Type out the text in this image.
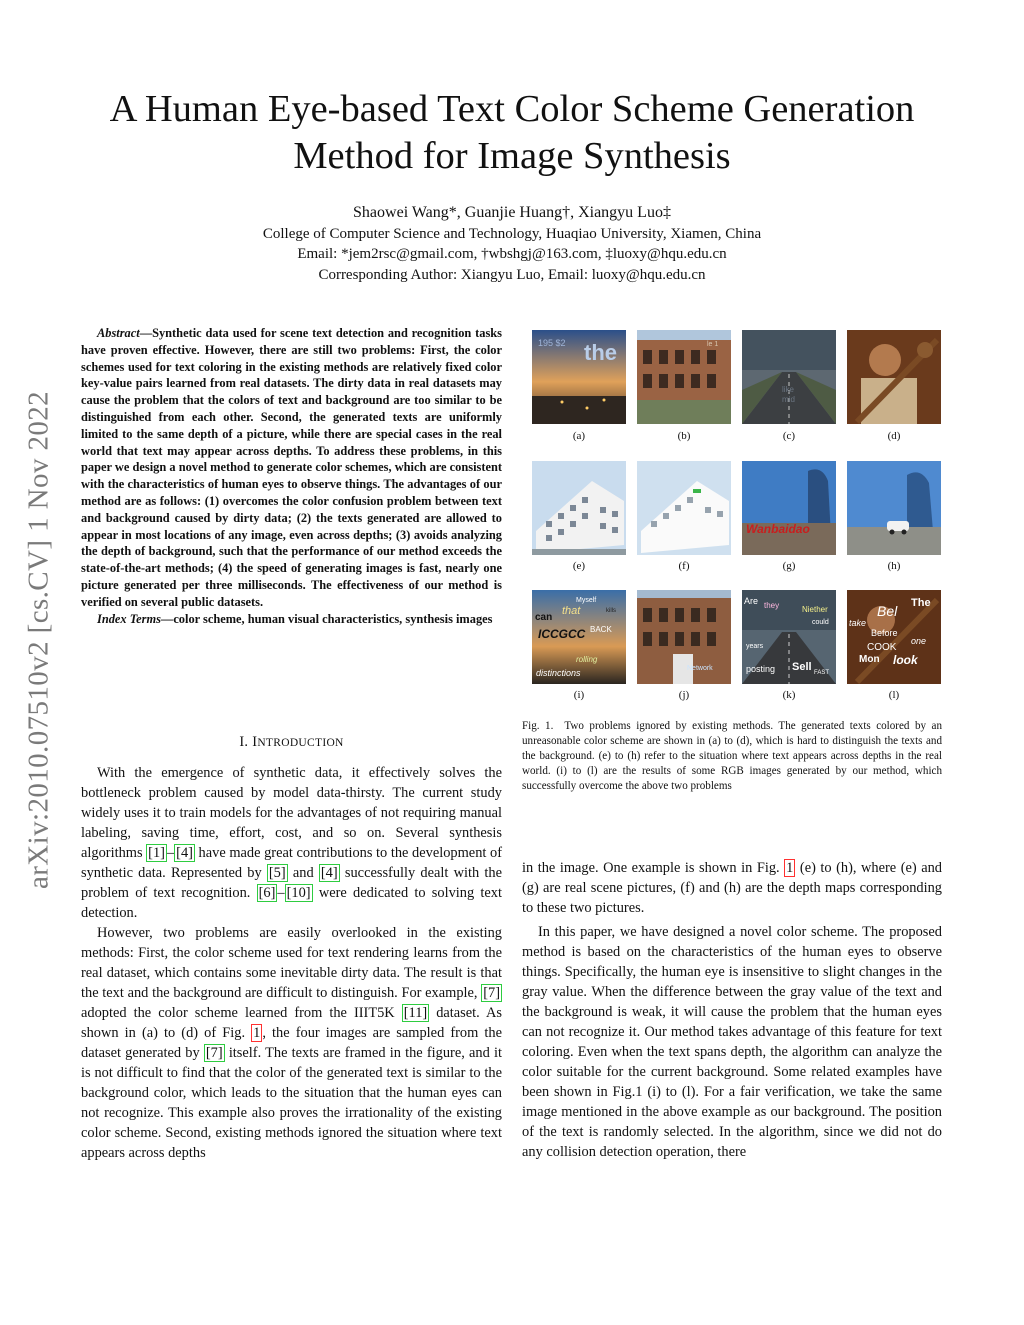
A Human Eye-based Text Color Scheme Generation
Method for Image Synthesis
Shaowei Wang*, Guanjie Huang†, Xiangyu Luo‡
College of Computer Science and Technology, Huaqiao University, Xiamen, China
Email: *jem2rsc@gmail.com, †wbshgj@163.com, ‡luoxy@hqu.edu.cn
Corresponding Author: Xiangyu Luo, Email: luoxy@hqu.edu.cn
arXiv:2010.07510v2 [cs.CV] 1 Nov 2022

Abstract—Synthetic data used for scene text detection and recognition tasks have proven effective. However, there are still two problems: First, the color schemes used for text coloring in the existing methods are relatively fixed color key-value pairs learned from real datasets. The dirty data in real datasets may cause the problem that the colors of text and background are too similar to be distinguished from each other. Second, the generated texts are uniformly limited to the same depth of a picture, while there are special cases in the real world that text may appear across depths. To address these problems, in this paper we design a novel method to generate color schemes, which are consistent with the characteristics of human eyes to observe things. The advantages of our method are as follows: (1) overcomes the color confusion problem between text and background caused by dirty data; (2) the texts generated are allowed to appear in most locations of any image, even across depths; (3) avoids analyzing the depth of background, such that the performance of our method exceeds the state-of-the-art methods; (4) the speed of generating images is fast, nearly one picture generated per three milliseconds. The effectiveness of our method is verified on several public datasets.

Index Terms—color scheme, human visual characteristics, synthesis images

I. INTRODUCTION

With the emergence of synthetic data, it effectively solves the bottleneck problem caused by model data-thirsty. The current study widely uses it to train models for the advantages of not requiring manual labeling, saving time, effort, cost, and so on. Several synthesis algorithms [1] – [4] have made great contributions to the development of synthetic data. Represented by [5] and [4] successfully dealt with the problem of text recognition. [6] – [10] were dedicated to solving text detection.

However, two problems are easily overlooked in the existing methods: First, the color scheme used for text rendering learns from the real dataset, which contains some inevitable dirty data. The result is that the text and the background are difficult to distinguish. For example, [7] adopted the color scheme learned from the IIIT5K [11] dataset. As shown in (a) to (d) of Fig. 1 , the four images are sampled from the dataset generated by [7] itself. The texts are framed in the figure, and it is not difficult to find that the color of the generated text is similar to the background color, which leads to the situation that the human eyes can not recognize. This example also proves the irrationality of the existing color scheme. Second, existing methods ignored the situation where text appears across depths

195 $2 the	le 1
like
mid
(a)	(b)	(c)	(d)
Wanbaidao
(e)	(f)	(g)	(h)
Myself
that	kills
can
ICCGCC BACK
rolling
distinctions	Network
Are they	Niether
could
years
posting Sell FAST
Bel The
take
Before
COOK
one
Mon look
(i)	(j)	(k)	(l)
Fig. 1. Two problems ignored by existing methods. The generated texts colored by an unreasonable color scheme are shown in (a) to (d), which is hard to distinguish the texts and the background. (e) to (h) refer to the situation where text appears across depths in the real world. (i) to (l) are the results of some RGB images generated by our method, which successfully overcome the above two problems

in the image. One example is shown in Fig. 1 (e) to (h), where (e) and (g) are real scene pictures, (f) and (h) are the depth maps corresponding to these two pictures.

In this paper, we have designed a novel color scheme. The proposed method is based on the characteristics of the human eyes to observe things. Specifically, the human eye is insensitive to slight changes in the gray value. When the difference between the gray value of the text and the background is weak, it will cause the problem that the human eyes can not recognize it. Our method takes advantage of this feature for text coloring. Even when the text spans depth, the algorithm can analyze the color suitable for the current background. Some related examples have been shown in Fig.1 (i) to (l). For a fair verification, we take the same image mentioned in the above example as our background. The position of the text is randomly selected. In the algorithm, since we did not do any collision detection operation, there
